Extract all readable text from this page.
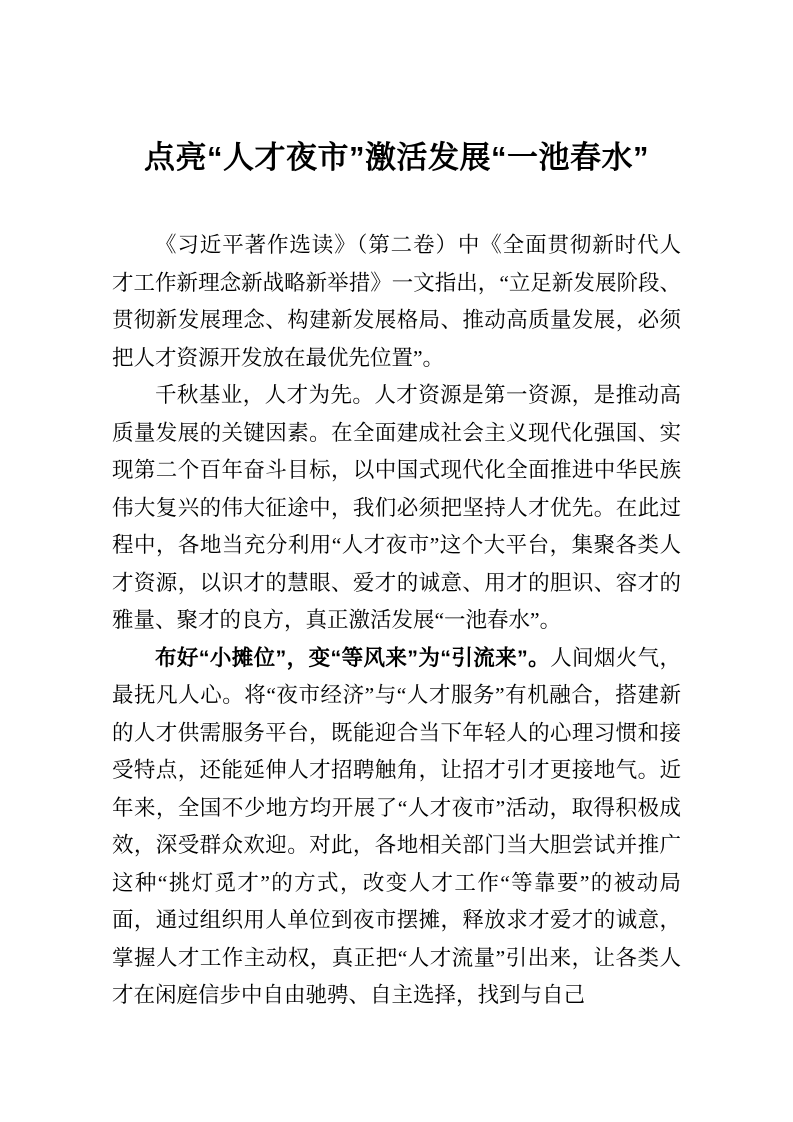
点亮“人才夜市”激活发展“一池春水”

《习近平著作选读》（第二卷）中《全面贯彻新时代人才工作新理念新战略新举措》一文指出，“立足新发展阶段、贯彻新发展理念、构建新发展格局、推动高质量发展，必须把人才资源开发放在最优先位置”。

千秋基业，人才为先。人才资源是第一资源，是推动高质量发展的关键因素。在全面建成社会主义现代化强国、实现第二个百年奋斗目标，以中国式现代化全面推进中华民族伟大复兴的伟大征途中，我们必须把坚持人才优先。在此过程中，各地当充分利用“人才夜市”这个大平台，集聚各类人才资源，以识才的慧眼、爱才的诚意、用才的胆识、容才的雅量、聚才的良方，真正激活发展“一池春水”。

布好“小摊位”，变“等风来”为“引流来”。人间烟火气，最抚凡人心。将“夜市经济”与“人才服务”有机融合，搭建新的人才供需服务平台，既能迎合当下年轻人的心理习惯和接受特点，还能延伸人才招聘触角，让招才引才更接地气。近年来，全国不少地方均开展了“人才夜市”活动，取得积极成效，深受群众欢迎。对此，各地相关部门当大胆尝试并推广这种“挑灯觅才”的方式，改变人才工作“等靠要”的被动局面，通过组织用人单位到夜市摆摊，释放求才爱才的诚意，掌握人才工作主动权，真正把“人才流量”引出来，让各类人才在闲庭信步中自由驰骋、自主选择，找到与自己
